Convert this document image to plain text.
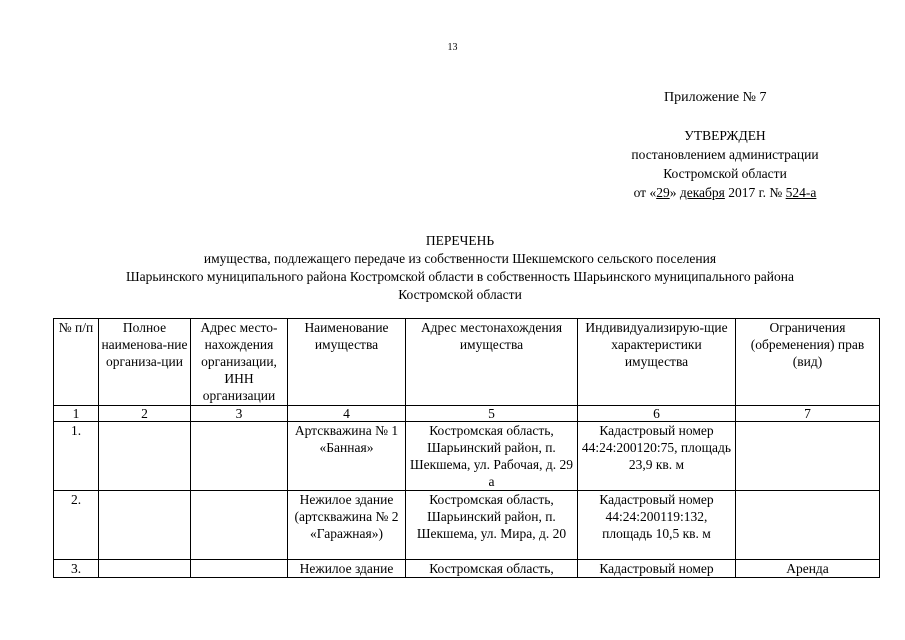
13
Приложение № 7
УТВЕРЖДЕН
постановлением администрации
Костромской области
от «29» декабря 2017 г. № 524-а
ПЕРЕЧЕНЬ
имущества, подлежащего передаче из собственности Шекшемского сельского поселения
Шарьинского муниципального района Костромской области в собственность Шарьинского муниципального района
Костромской области
№ п/п	Полное наименова-ние организа-ции	Адрес место-нахождения организации, ИНН организации	Наименование имущества	Адрес местонахождения имущества	Индивидуализирую-щие характеристики имущества	Ограничения (обременения) прав (вид)
1	2	3	4	5	6	7
1.			Артскважина № 1 «Банная»	Костромская область, Шарьинский район, п. Шекшема, ул. Рабочая, д. 29 а	Кадастровый номер 44:24:200120:75, площадь 23,9 кв. м	
2.			Нежилое здание (артскважина № 2 «Гаражная»)	Костромская область, Шарьинский район, п. Шекшема, ул. Мира, д. 20	Кадастровый номер 44:24:200119:132, площадь 10,5 кв. м	
3.			Нежилое здание	Костромская область,	Кадастровый номер	Аренда
